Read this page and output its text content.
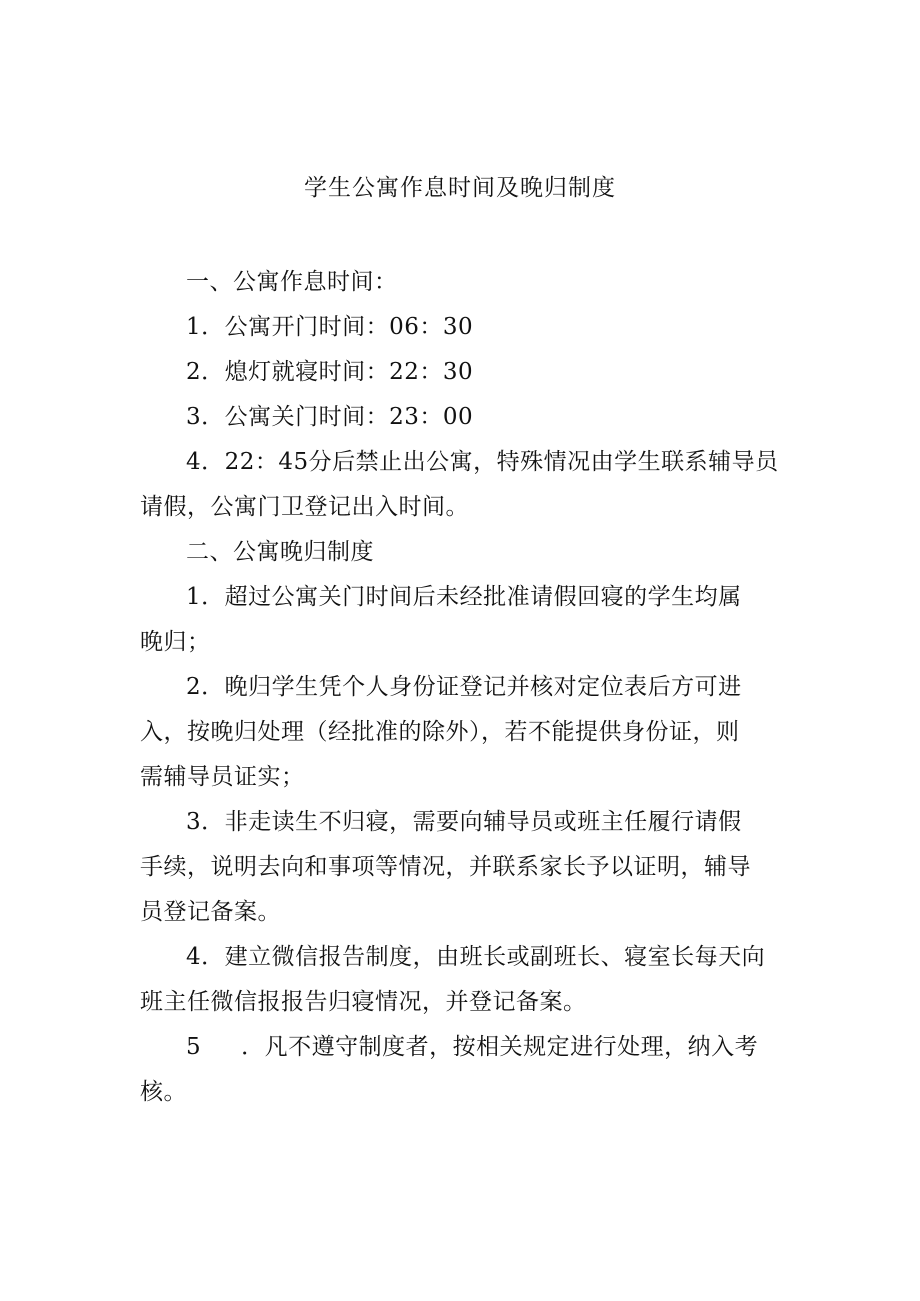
学生公寓作息时间及晚归制度
一、公寓作息时间：
1．公寓开门时间：06：30
2．熄灯就寝时间：22：30
3．公寓关门时间：23：00
4．22：45分后禁止出公寓，特殊情况由学生联系辅导员
请假，公寓门卫登记出入时间。
二、公寓晚归制度
1．超过公寓关门时间后未经批准请假回寝的学生均属
晚归；
2．晚归学生凭个人身份证登记并核对定位表后方可进
入，按晚归处理（经批准的除外），若不能提供身份证，则
需辅导员证实；
3．非走读生不归寝，需要向辅导员或班主任履行请假
手续，说明去向和事项等情况，并联系家长予以证明，辅导
员登记备案。
4．建立微信报告制度，由班长或副班长、寝室长每天向
班主任微信报报告归寝情况，并登记备案。
5 ．凡不遵守制度者，按相关规定进行处理，纳入考
核。
